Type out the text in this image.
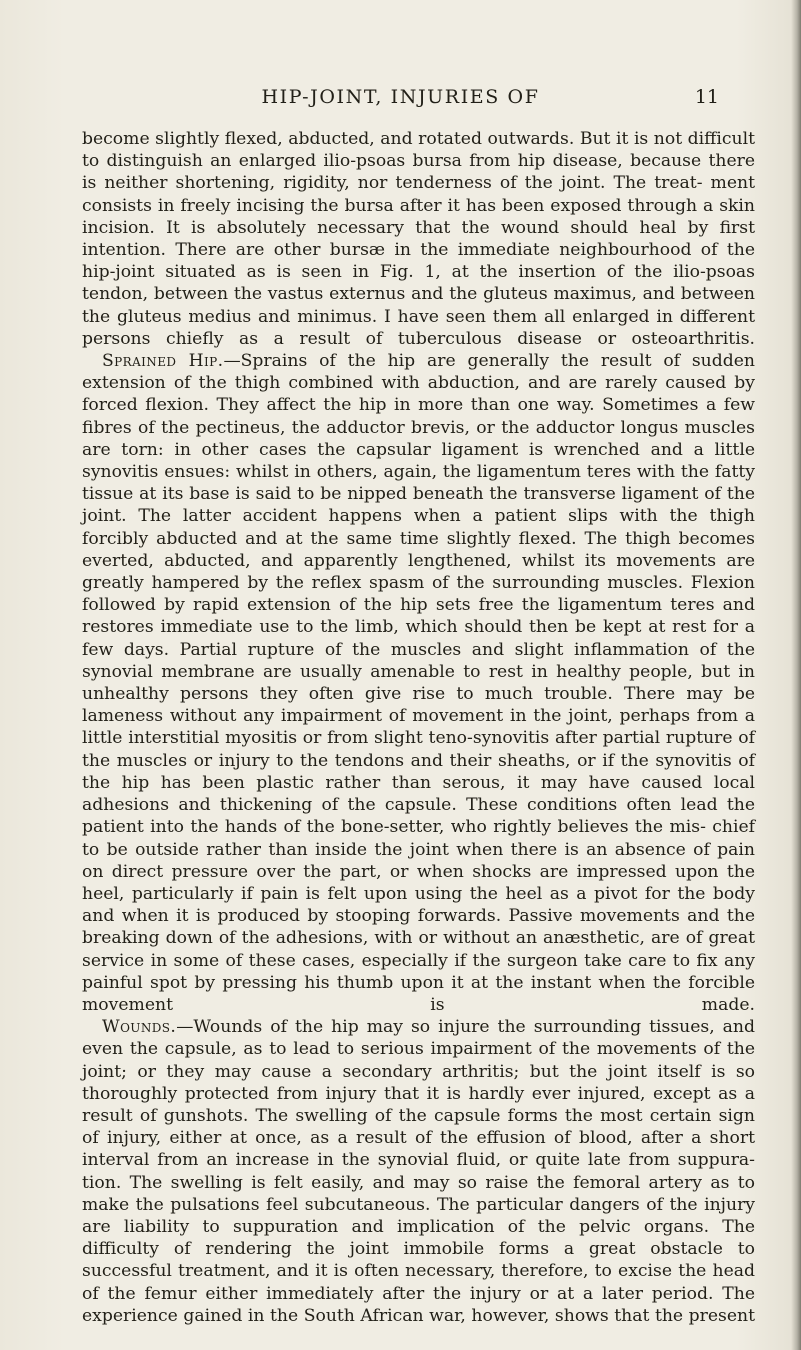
HIP-JOINT, INJURIES OF	11

become slightly flexed, abducted, and rotated outwards. But it is not difficult to distinguish an enlarged ilio-psoas bursa from hip disease, because there is neither shortening, rigidity, nor tenderness of the joint. The treat- ment consists in freely incising the bursa after it has been exposed through a skin incision. It is absolutely necessary that the wound should heal by first intention. There are other bursæ in the immediate neighbourhood of the hip-joint situated as is seen in Fig. 1, at the insertion of the ilio-psoas tendon, between the vastus externus and the gluteus maximus, and between the gluteus medius and minimus. I have seen them all enlarged in different persons chiefly as a result of tuberculous disease or osteoarthritis.

Sprained Hip.—Sprains of the hip are generally the result of sudden extension of the thigh combined with abduction, and are rarely caused by forced flexion. They affect the hip in more than one way. Sometimes a few fibres of the pectineus, the adductor brevis, or the adductor longus muscles are torn: in other cases the capsular ligament is wrenched and a little synovitis ensues: whilst in others, again, the ligamentum teres with the fatty tissue at its base is said to be nipped beneath the transverse ligament of the joint. The latter accident happens when a patient slips with the thigh forcibly abducted and at the same time slightly flexed. The thigh becomes everted, abducted, and apparently lengthened, whilst its movements are greatly hampered by the reflex spasm of the surrounding muscles. Flexion followed by rapid extension of the hip sets free the ligamentum teres and restores immediate use to the limb, which should then be kept at rest for a few days. Partial rupture of the muscles and slight inflammation of the synovial membrane are usually amenable to rest in healthy people, but in unhealthy persons they often give rise to much trouble. There may be lameness without any impairment of movement in the joint, perhaps from a little interstitial myositis or from slight teno-synovitis after partial rupture of the muscles or injury to the tendons and their sheaths, or if the synovitis of the hip has been plastic rather than serous, it may have caused local adhesions and thickening of the capsule. These conditions often lead the patient into the hands of the bone-setter, who rightly believes the mis- chief to be outside rather than inside the joint when there is an absence of pain on direct pressure over the part, or when shocks are impressed upon the heel, particularly if pain is felt upon using the heel as a pivot for the body and when it is produced by stooping forwards. Passive movements and the breaking down of the adhesions, with or without an anæsthetic, are of great service in some of these cases, especially if the surgeon take care to fix any painful spot by pressing his thumb upon it at the instant when the forcible movement is made.

Wounds.—Wounds of the hip may so injure the surrounding tissues, and even the capsule, as to lead to serious impairment of the movements of the joint; or they may cause a secondary arthritis; but the joint itself is so thoroughly protected from injury that it is hardly ever injured, except as a result of gunshots. The swelling of the capsule forms the most certain sign of injury, either at once, as a result of the effusion of blood, after a short interval from an increase in the synovial fluid, or quite late from suppura- tion. The swelling is felt easily, and may so raise the femoral artery as to make the pulsations feel subcutaneous. The particular dangers of the injury are liability to suppuration and implication of the pelvic organs. The difficulty of rendering the joint immobile forms a great obstacle to successful treatment, and it is often necessary, therefore, to excise the head of the femur either immediately after the injury or at a later period. The experience gained in the South African war, however, shows that the present
